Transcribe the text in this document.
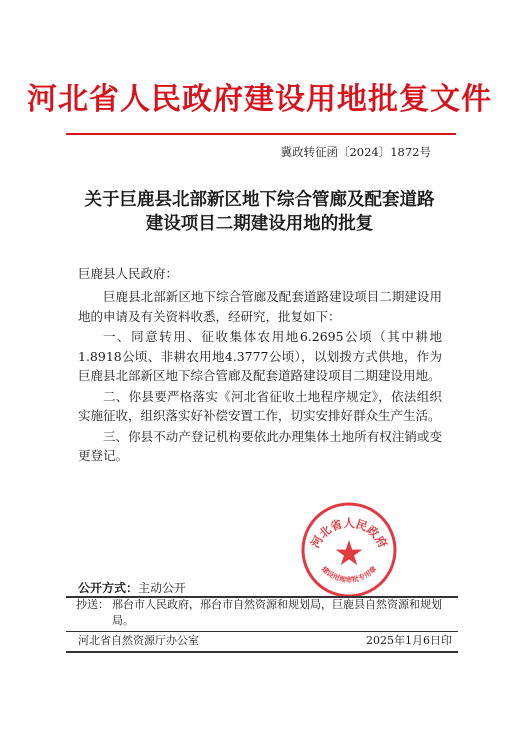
河北省人民政府建设用地批复文件
冀政转征函〔2024〕1872号
关于巨鹿县北部新区地下综合管廊及配套道路
建设项目二期建设用地的批复
巨鹿县人民政府：

巨鹿县北部新区地下综合管廊及配套道路建设项目二期建设用地的申请及有关资料收悉，经研究，批复如下：

一、同意转用、征收集体农用地6.2695公顷（其中耕地1.8918公顷、非耕农用地4.3777公顷），以划拨方式供地，作为巨鹿县北部新区地下综合管廊及配套道路建设项目二期建设用地。

二、你县要严格落实《河北省征收土地程序规定》，依法组织实施征收，组织落实好补偿安置工作，切实安排好群众生产生活。

三、你县不动产登记机构要依此办理集体土地所有权注销或变更登记。

河北省人民政府
建设用地审批专用章
公开方式：主动公开
抄送： 邢台市人民政府，邢台市自然资源和规划局，巨鹿县自然资源和规划局。
河北省自然资源厅办公室	2025年1月6日印
